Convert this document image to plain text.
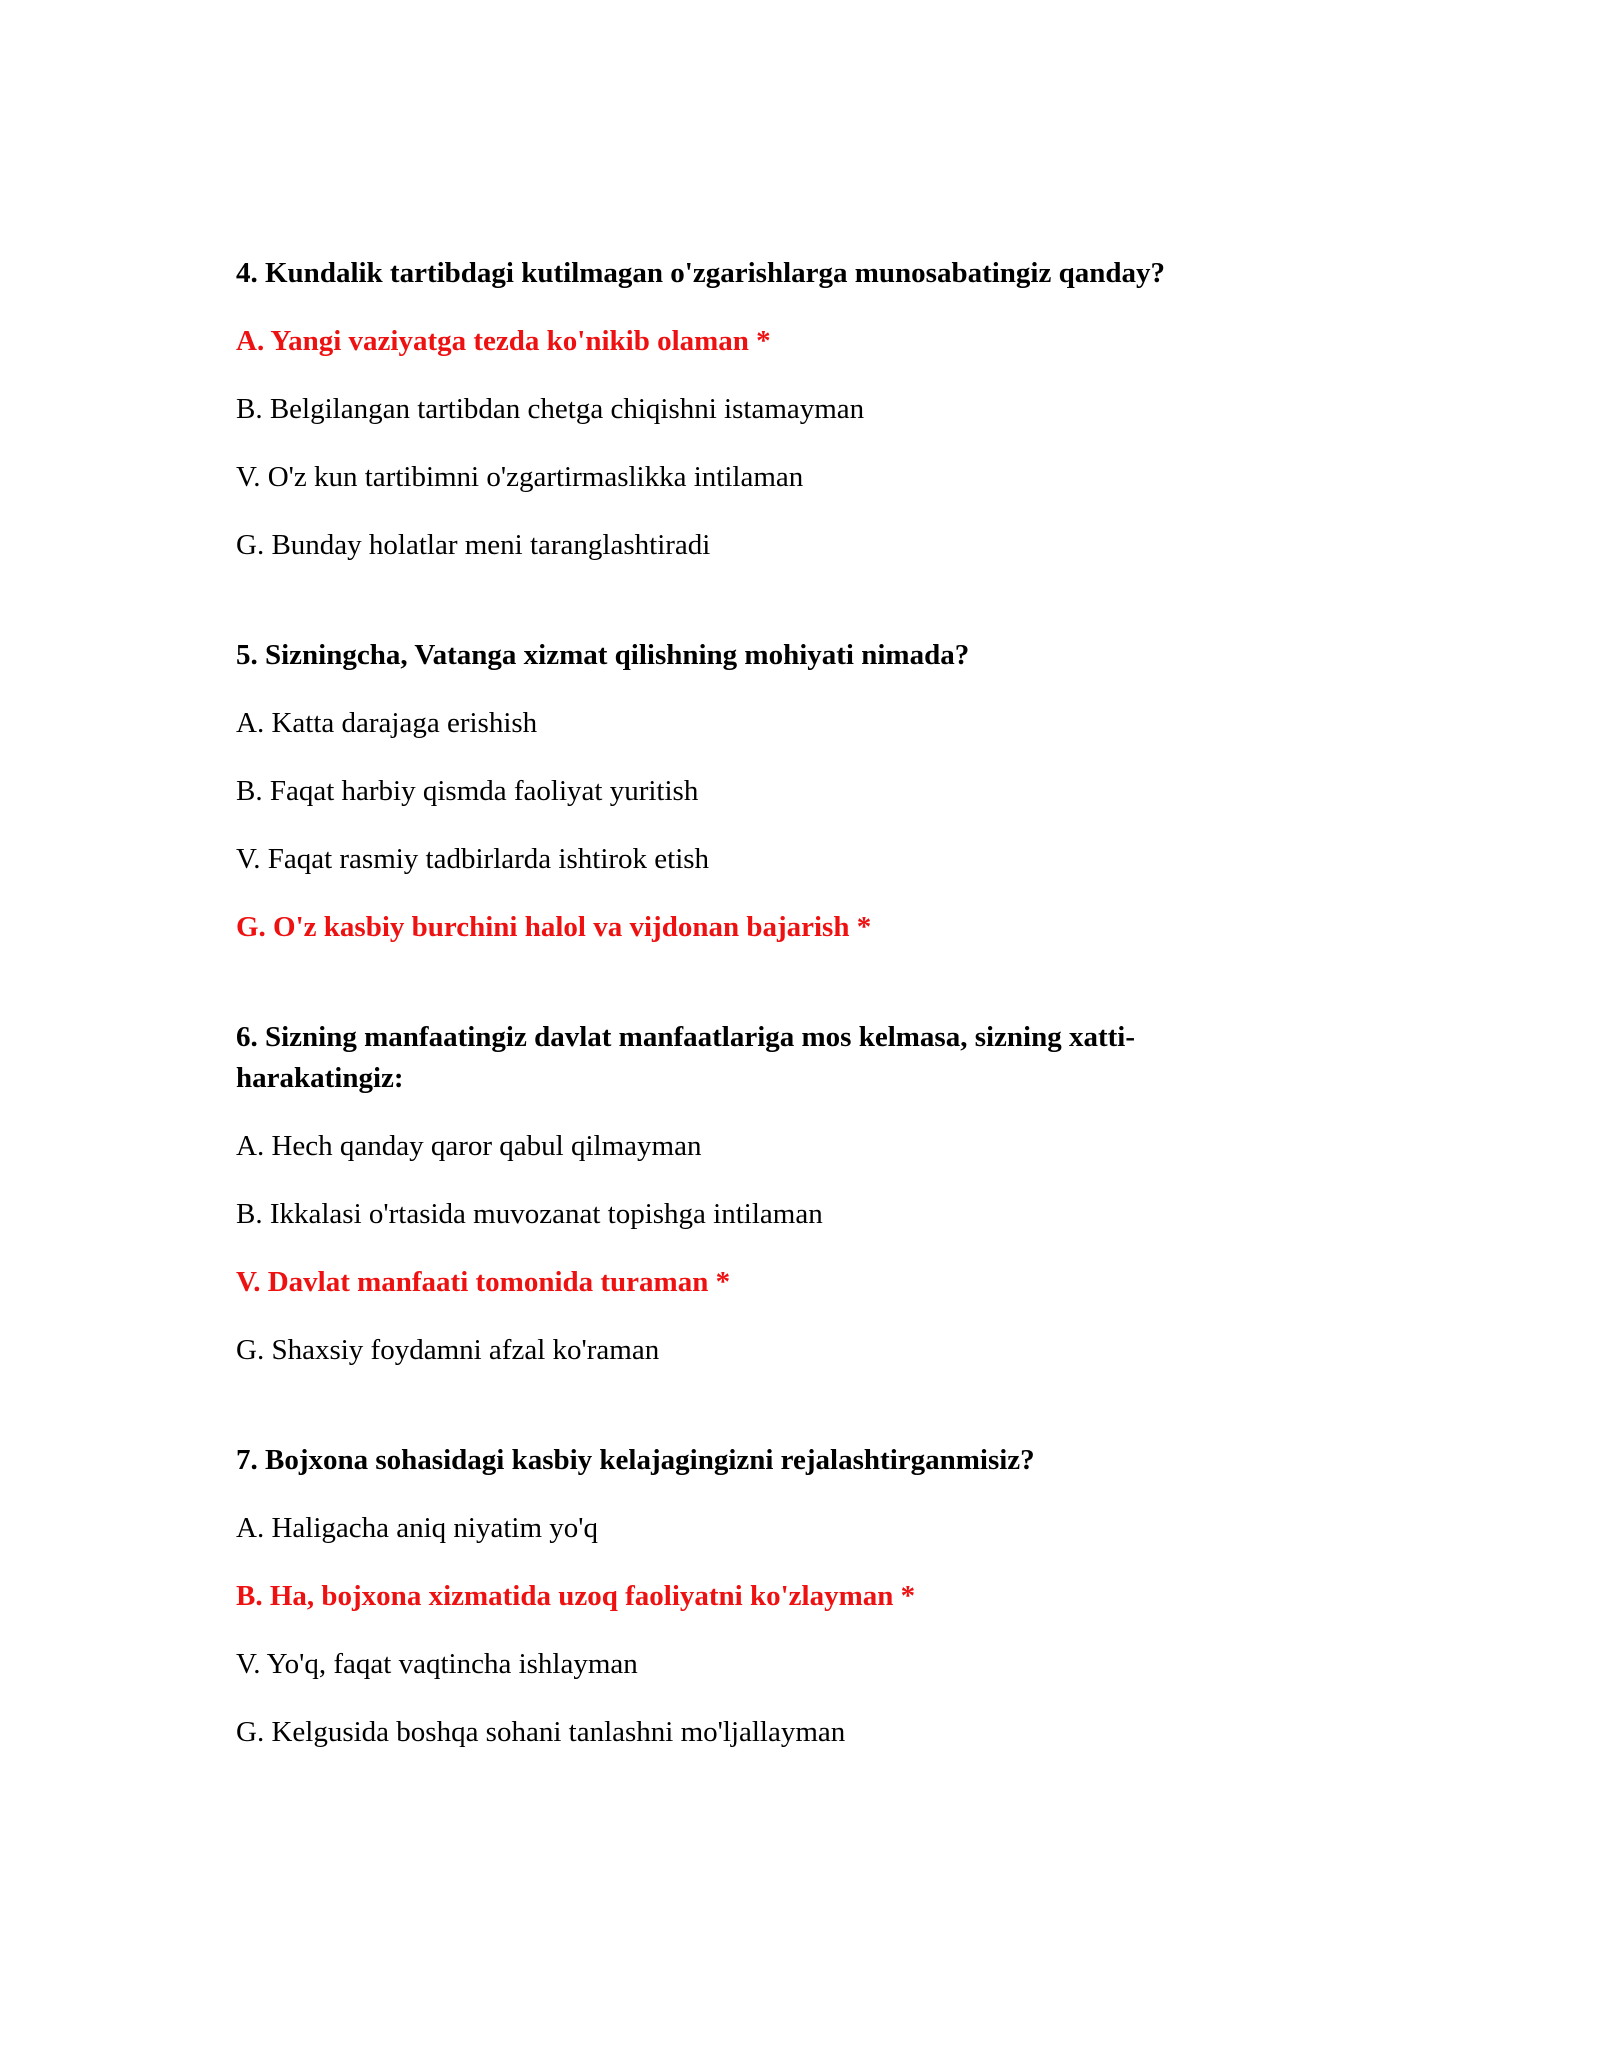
4. Kundalik tartibdagi kutilmagan o'zgarishlarga munosabatingiz qanday?

A. Yangi vaziyatga tezda ko'nikib olaman *

B. Belgilangan tartibdan chetga chiqishni istamayman

V. O'z kun tartibimni o'zgartirmaslikka intilaman

G. Bunday holatlar meni taranglashtiradi

5. Sizningcha, Vatanga xizmat qilishning mohiyati nimada?

A. Katta darajaga erishish

B. Faqat harbiy qismda faoliyat yuritish

V. Faqat rasmiy tadbirlarda ishtirok etish

G. O'z kasbiy burchini halol va vijdonan bajarish *

6. Sizning manfaatingiz davlat manfaatlariga mos kelmasa, sizning xatti-harakatingiz:

A. Hech qanday qaror qabul qilmayman

B. Ikkalasi o'rtasida muvozanat topishga intilaman

V. Davlat manfaati tomonida turaman *

G. Shaxsiy foydamni afzal ko'raman

7. Bojxona sohasidagi kasbiy kelajagingizni rejalashtirganmisiz?

A. Haligacha aniq niyatim yo'q

B. Ha, bojxona xizmatida uzoq faoliyatni ko'zlayman *

V. Yo'q, faqat vaqtincha ishlayman

G. Kelgusida boshqa sohani tanlashni mo'ljallayman
